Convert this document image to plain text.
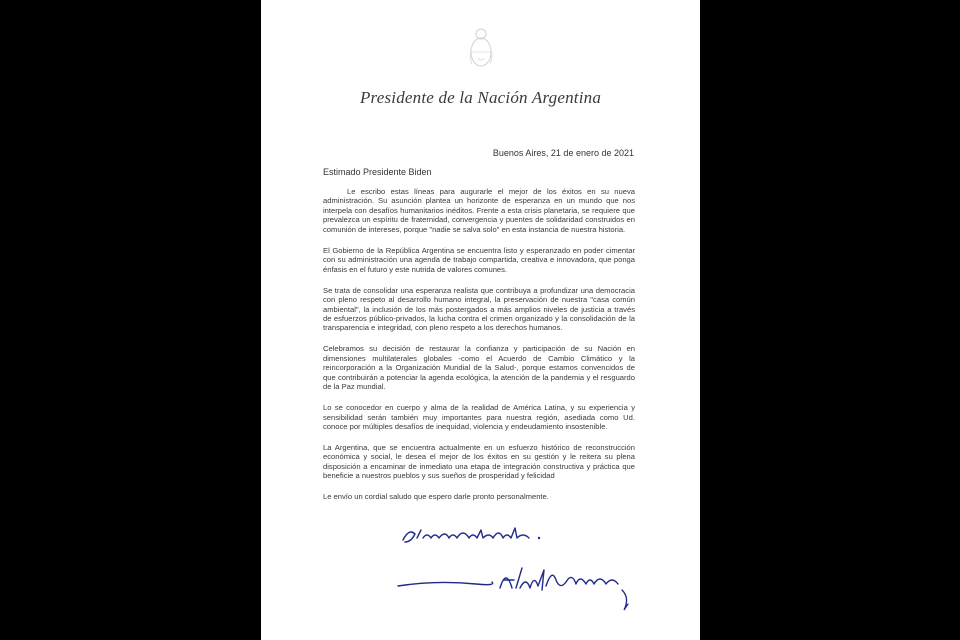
Presidente de la Nación Argentina
Buenos Aires, 21 de enero de 2021
Estimado Presidente Biden

Le escribo estas líneas para augurarle el mejor de los éxitos en su nueva administración. Su asunción plantea un horizonte de esperanza en un mundo que nos interpela con desafíos humanitarios inéditos. Frente a esta crisis planetaria, se requiere que prevalezca un espíritu de fraternidad, convergencia y puentes de solidaridad construidos en comunión de intereses, porque "nadie se salva solo" en esta instancia de nuestra historia.

El Gobierno de la República Argentina se encuentra listo y esperanzado en poder cimentar con su administración una agenda de trabajo compartida, creativa e innovadora, que ponga énfasis en el futuro y este nutrida de valores comunes.

Se trata de consolidar una esperanza realista que contribuya a profundizar una democracia con pleno respeto al desarrollo humano integral, la preservación de nuestra "casa común ambiental", la inclusión de los más postergados a más amplios niveles de justicia a través de esfuerzos público-privados, la lucha contra el crimen organizado y la consolidación de la transparencia e integridad, con pleno respeto a los derechos humanos.

Celebramos su decisión de restaurar la confianza y participación de su Nación en dimensiones multilaterales globales -como el Acuerdo de Cambio Climático y la reincorporación a la Organización Mundial de la Salud-, porque estamos convencidos de que contribuirán a potenciar la agenda ecológica, la atención de la pandemia y el resguardo de la Paz mundial.

Lo se conocedor en cuerpo y alma de la realidad de América Latina, y su experiencia y sensibilidad serán también muy importantes para nuestra región, asediada como Ud. conoce por múltiples desafíos de inequidad, violencia y endeudamiento insostenible.

La Argentina, que se encuentra actualmente en un esfuerzo histórico de reconstrucción económica y social, le desea el mejor de los éxitos en su gestión y le reitera su plena disposición a encaminar de inmediato una etapa de integración constructiva y práctica que beneficie a nuestros pueblos y sus sueños de prosperidad y felicidad

Le envío un cordial saludo que espero darle pronto personalmente.
